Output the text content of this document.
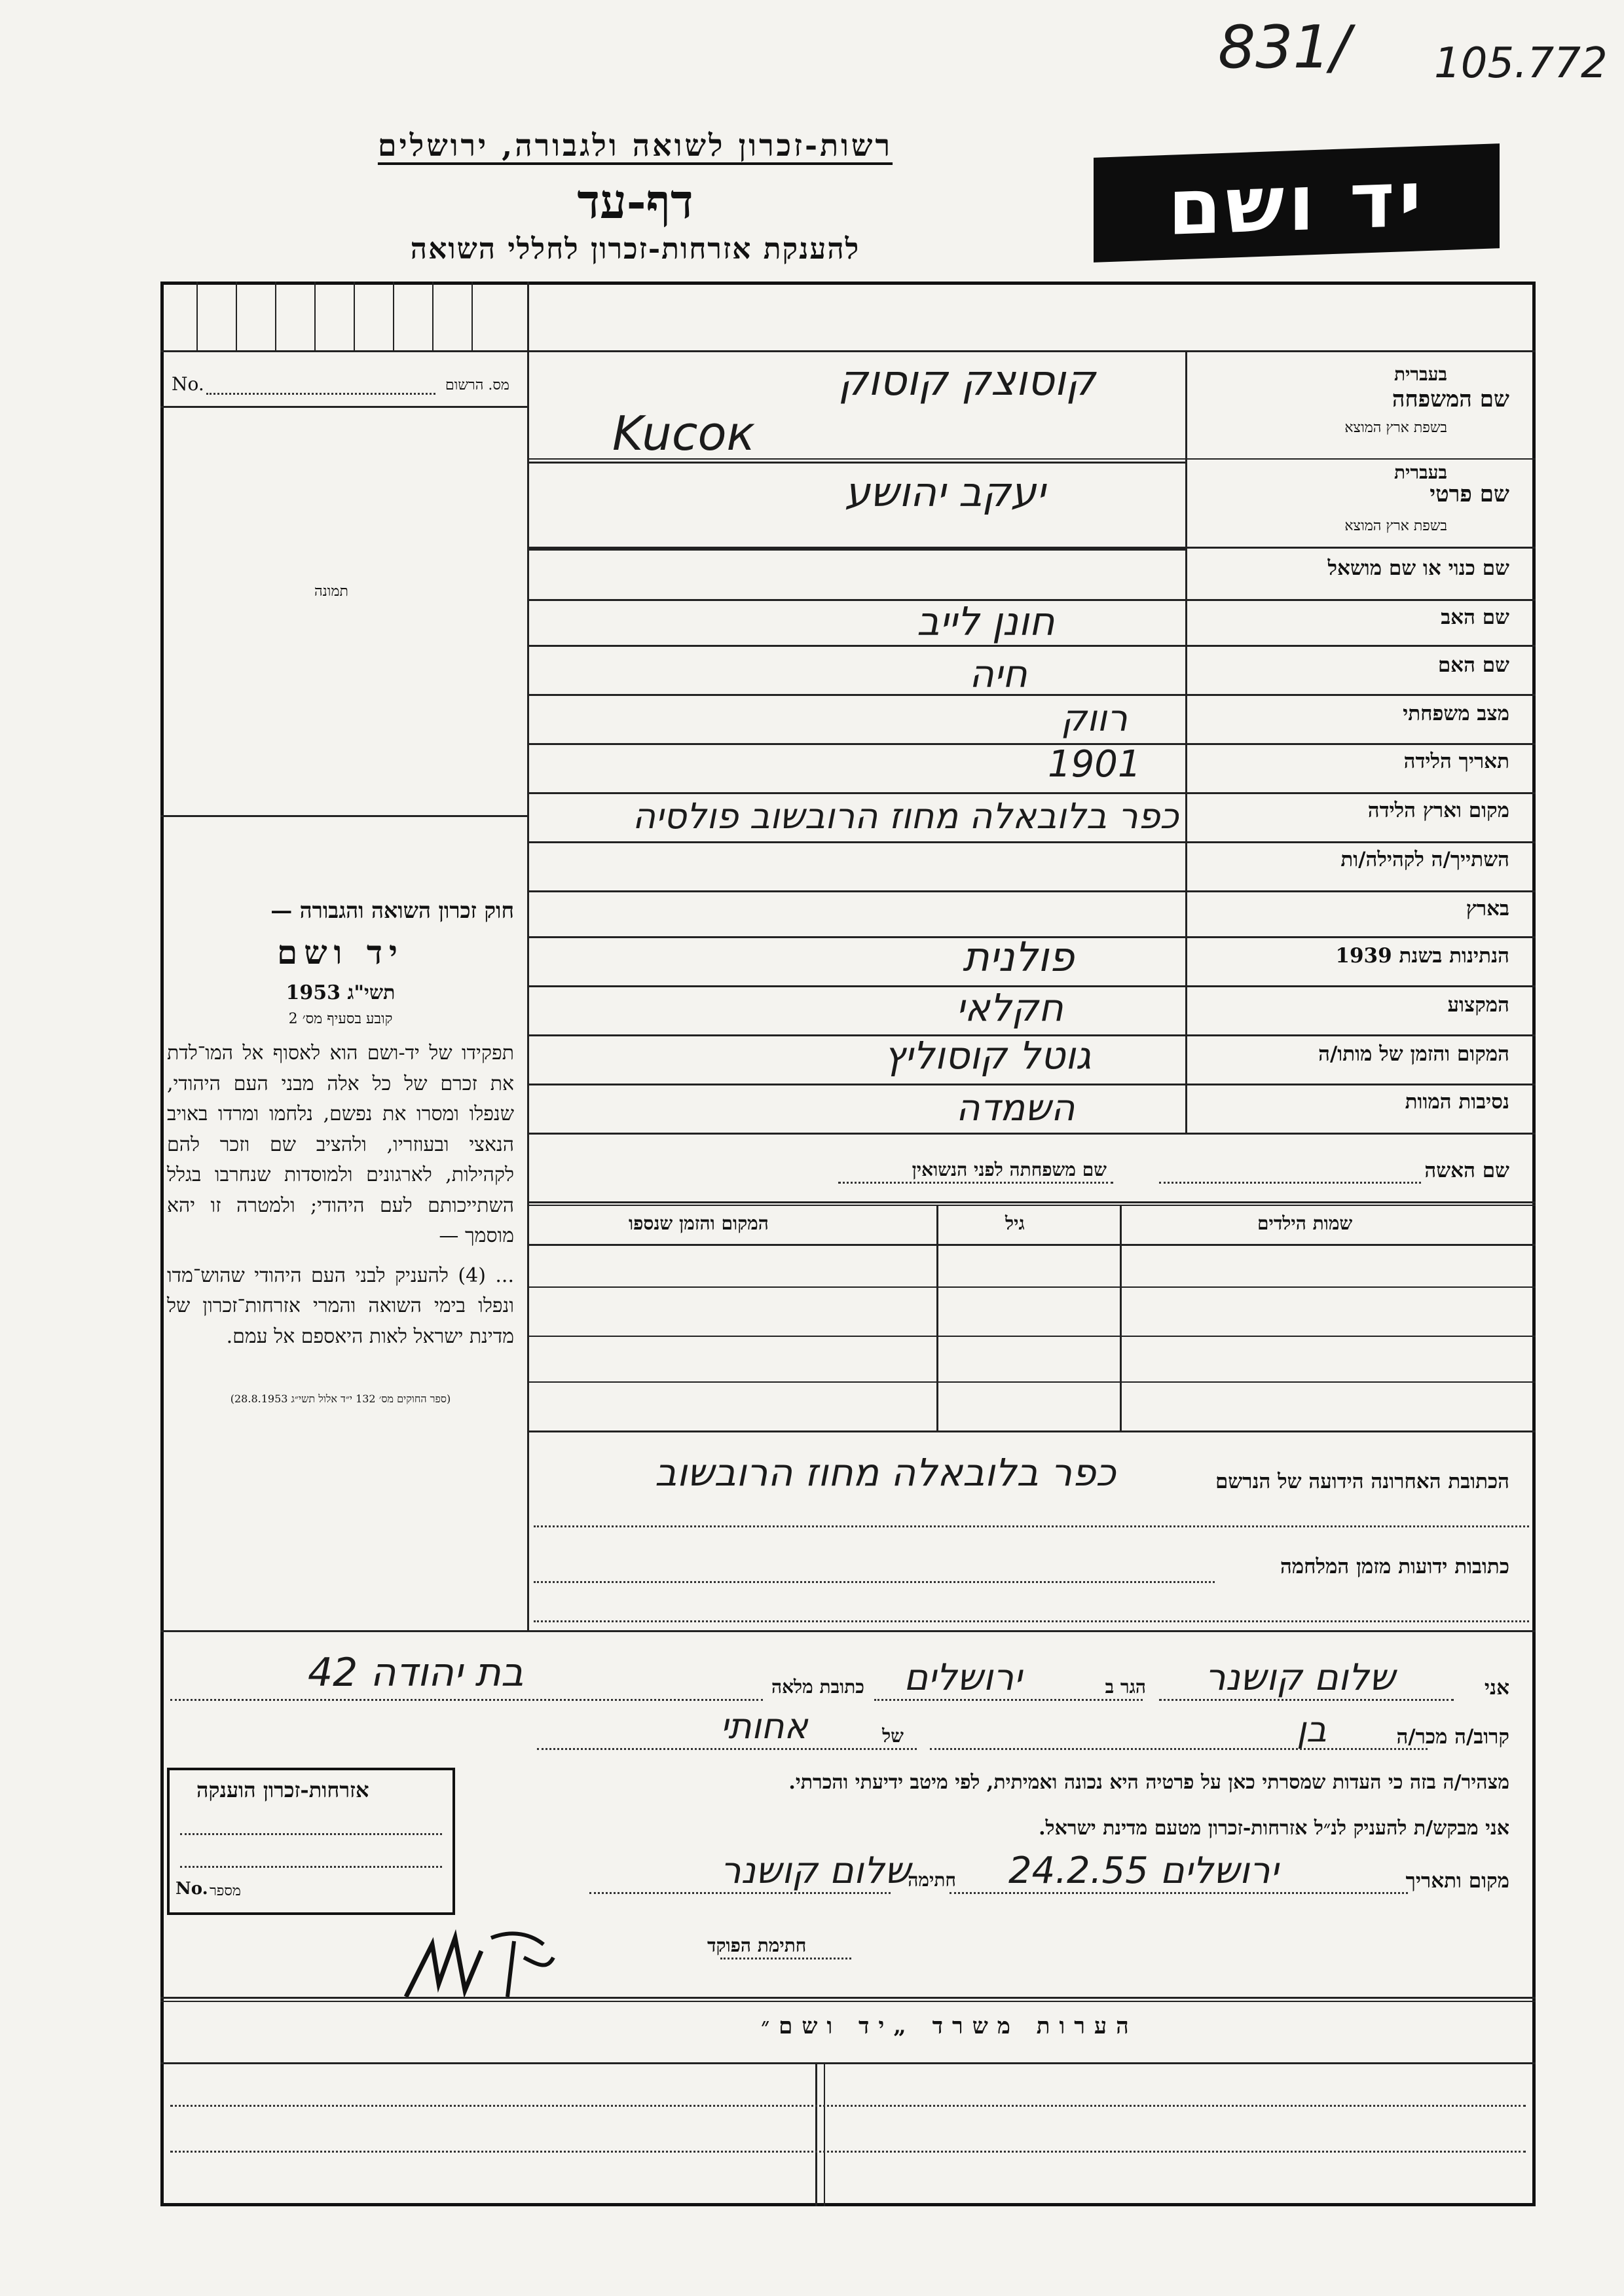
831/ 105.772
רשות-זכרון לשואה ולגבורה, ירושלים
דף-עד
להענקת אזרחות-זכרון לחללי השואה	יד ושם
מס. הרשום
No.
תמונה
חוק זכרון השואה והגבורה —
יד ושם
תשי"ג 1953
קובע בסעיף מס׳ 2

תפקידו של יד-ושם הוא לאסוף אל המו־לדת את זכרם של כל אלה מבני העם היהודי, שנפלו ומסרו את נפשם, נלחמו ומרדו באויב הנאצי ובעוזריו, ולהציב שם וזכר להם לקהילות, לארגונים ולמוסדות שנחרבו בגלל השתייכותם לעם היהודי; ולמטרה זו יהא מוסמך —

... (4) להעניק לבני העם היהודי שהוש־מדו ונפלו בימי השואה והמרי אזרחות־זכרון של מדינת ישראל לאות היאספם אל עמם.

(ספר החוקים מס׳ 132 י״ד אלול תשי״ג 28.8.1953)

שם המשפחה
בעברית
בשפת ארץ המוצא
קוסוצק קוסוק
Kucoк
שם פרטי
בעברית
בשפת ארץ המוצא
יעקב יהושע
שם כנוי או שם מושאל
שם האב
חונן לייב
שם האם
חיה
מצב משפחתי
רווק
תאריך הלידה
1901
מקום וארץ הלידה
כפר בלובאלה מחוז הרובשוב פולסיה
השתייך/ה לקהילה/ות
בארץ
הנתינות בשנת 1939
פולנית
המקצוע
חקלאי
המקום והזמן של מותו/ה
גוטל קוסוליץ
נסיבות המוות
השמדה
שם האשה
שם משפחתה לפני הנשואין
שמות הילדים
גיל
המקום והזמן שנספו
הכתובת האחרונה הידועה של הנרשם
כפר בלובאלה מחוז הרובשוב
כתובות ידועות מזמן המלחמה
אני
שלום קושנר
הגר ב
ירושלים
כתובת מלאה
בת יהודה 42
קרוב/ה מכר/ה
בן
של
אחותי
מצהיר/ה בזה כי העדות שמסרתי כאן על פרטיה היא נכונה ואמיתית, לפי מיטב ידיעתי והכרתי.
אני מבקש/ת להעניק לנ״ל אזרחות-זכרון מטעם מדינת ישראל.
מקום ותאריך
ירושלים 24.2.55
חתימה
שלום קושנר
חתימת הפוקד
אזרחות-זכרון הוענקה
No. מספר
הערות משרד „יד ושם״
